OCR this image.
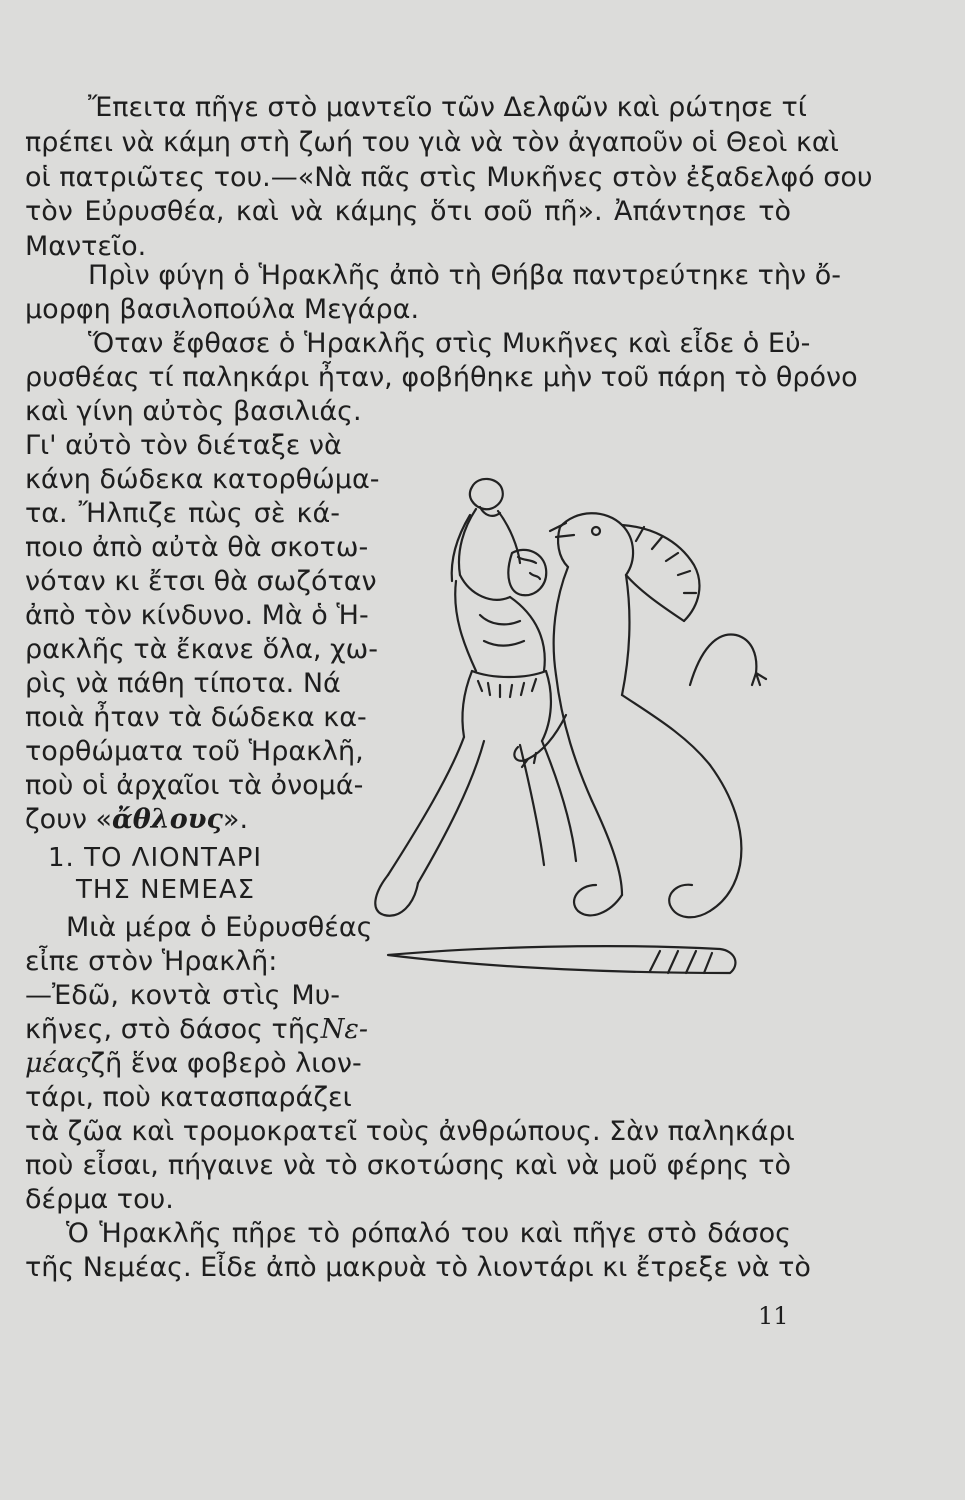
Ἔπειτα πῆγε στὸ μαντεῖο τῶν Δελφῶν καὶ ρώτησε τί

πρέπει νὰ κάμη στὴ ζωή του γιὰ νὰ τὸν ἀγαποῦν οἱ Θεοὶ καὶ

οἱ πατριῶτες του.—«Νὰ πᾶς στὶς Μυκῆνες στὸν ἐξαδελφό σου

τὸν Εὐρυσθέα, καὶ νὰ κάμης ὅτι σοῦ πῆ». Ἀπάντησε τὸ

Μαντεῖο.

Πρὶν φύγη ὁ Ἡρακλῆς ἀπὸ τὴ Θήβα παντρεύτηκε τὴν ὄ-

μορφη βασιλοπούλα Μεγάρα.

Ὅταν ἔφθασε ὁ Ἡρακλῆς στὶς Μυκῆνες καὶ εἶδε ὁ Εὐ-

ρυσθέας τί παληκάρι ἦταν, φοβήθηκε μὴν τοῦ πάρη τὸ θρόνο

καὶ γίνη αὐτὸς βασιλιάς.

Γι' αὐτὸ τὸν διέταξε νὰ

κάνη δώδεκα κατορθώμα-

τα. Ἤλπιζε πὼς σὲ κά-

ποιο ἀπὸ αὐτὰ θὰ σκοτω-

νόταν κι ἔτσι θὰ σωζόταν

ἀπὸ τὸν κίνδυνο. Μὰ ὁ Ἡ-

ρακλῆς τὰ ἔκανε ὅλα, χω-

ρὶς νὰ πάθη τίποτα. Νά

ποιὰ ἦταν τὰ δώδεκα κα-

τορθώματα τοῦ Ἡρακλῆ,

ποὺ οἱ ἀρχαῖοι τὰ ὀνομά-

ζουν «ἄθλους».

1. ΤΟ ΛΙΟΝΤΑΡΙ

ΤΗΣ ΝΕΜΕΑΣ

Μιὰ μέρα ὁ Εὐρυσθέας

εἶπε στὸν Ἡρακλῆ:

—Ἐδῶ, κοντὰ στὶς Μυ-

κῆνες, στὸ δάσος τῆς Νε-

μέας ζῆ ἕνα φοβερὸ λιον-

τάρι, ποὺ κατασπαράζει

τὰ ζῶα καὶ τρομοκρατεῖ τοὺς ἀνθρώπους. Σὰν παληκάρι

ποὺ εἶσαι, πήγαινε νὰ τὸ σκοτώσης καὶ νὰ μοῦ φέρης τὸ

δέρμα του.

Ὁ Ἡρακλῆς πῆρε τὸ ρόπαλό του καὶ πῆγε στὸ δάσος

τῆς Νεμέας. Εἶδε ἀπὸ μακρυὰ τὸ λιοντάρι κι ἔτρεξε νὰ τὸ

11
